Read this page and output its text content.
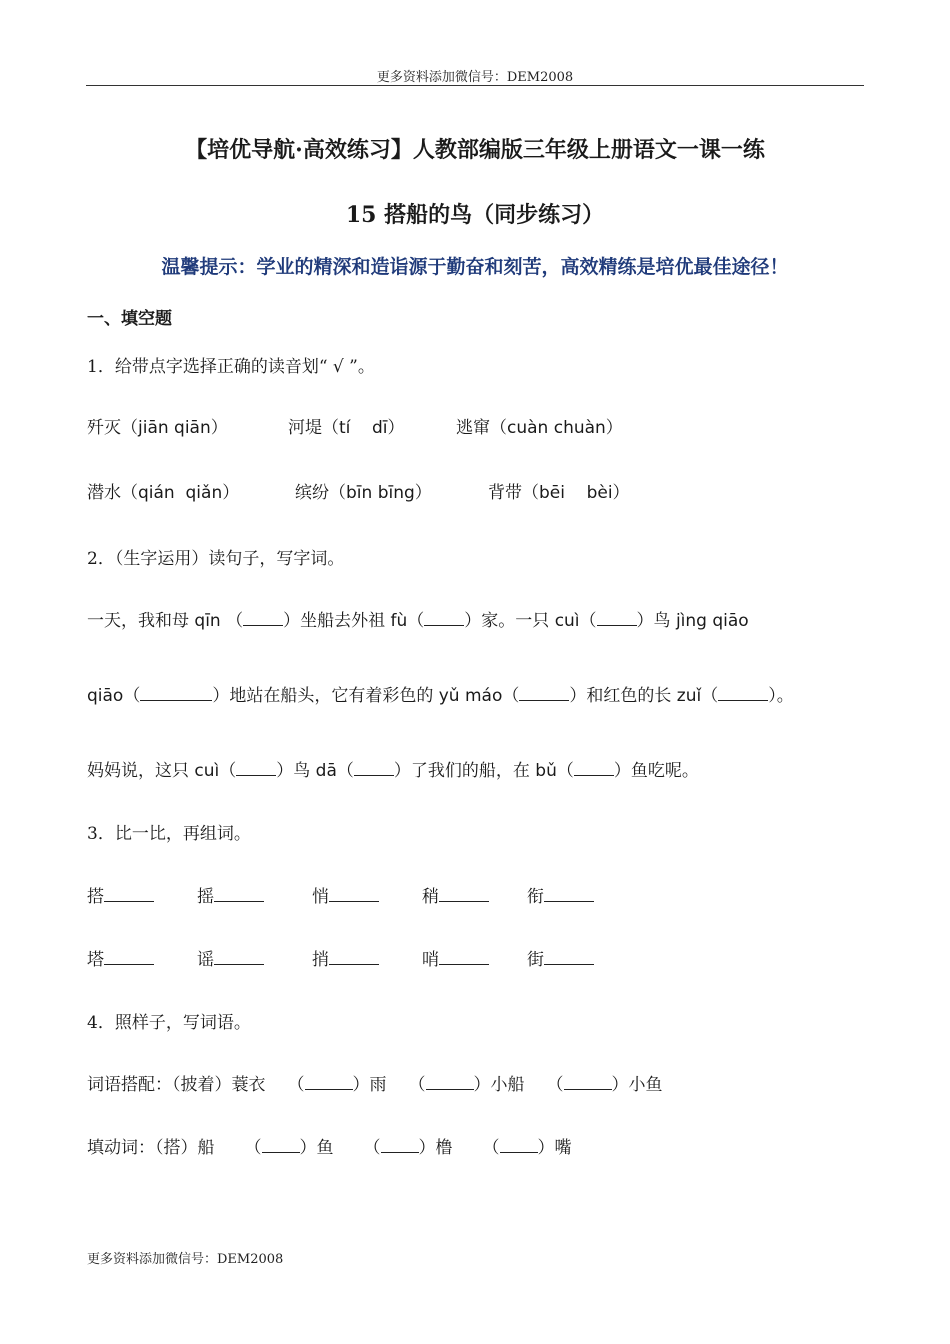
更多资料添加微信号：DEM2008
【培优导航·高效练习】人教部编版三年级上册语文一课一练
15 搭船的鸟（同步练习）
温馨提示：学业的精深和造诣源于勤奋和刻苦，高效精练是培优最佳途径！
一、填空题
1．给带点字选择正确的读音划“ √ ”。
歼灭（jiān qiān）	河堤（tí    dī）	逃窜（cuàn chuàn）
潜水（qián  qiǎn）	缤纷（bīn bīng）	背带（bēi    bèi）
2．（生字运用）读句子，写字词。
一天，我和母 qīn （ ）坐船去外祖 fù（ ）家。一只 cuì（ ）鸟 jìng qiāo
qiāo（	）地站在船头，它有着彩色的 yǔ máo（	）和红色的长 zuǐ（	）。
妈妈说，这只 cuì（ ）鸟 dā（ ）了我们的船，在 bǔ（ ）鱼吃呢。
3．比一比，再组词。
搭	摇	悄	稍	衔
塔	谣	捎	哨	街
4．照样子，写词语。
词语搭配：（披着）蓑衣 （	）雨 （	）小船 （	）小鱼
填动词：（搭）船 （ ）鱼 （ ）橹 （ ）嘴
更多资料添加微信号：DEM2008
